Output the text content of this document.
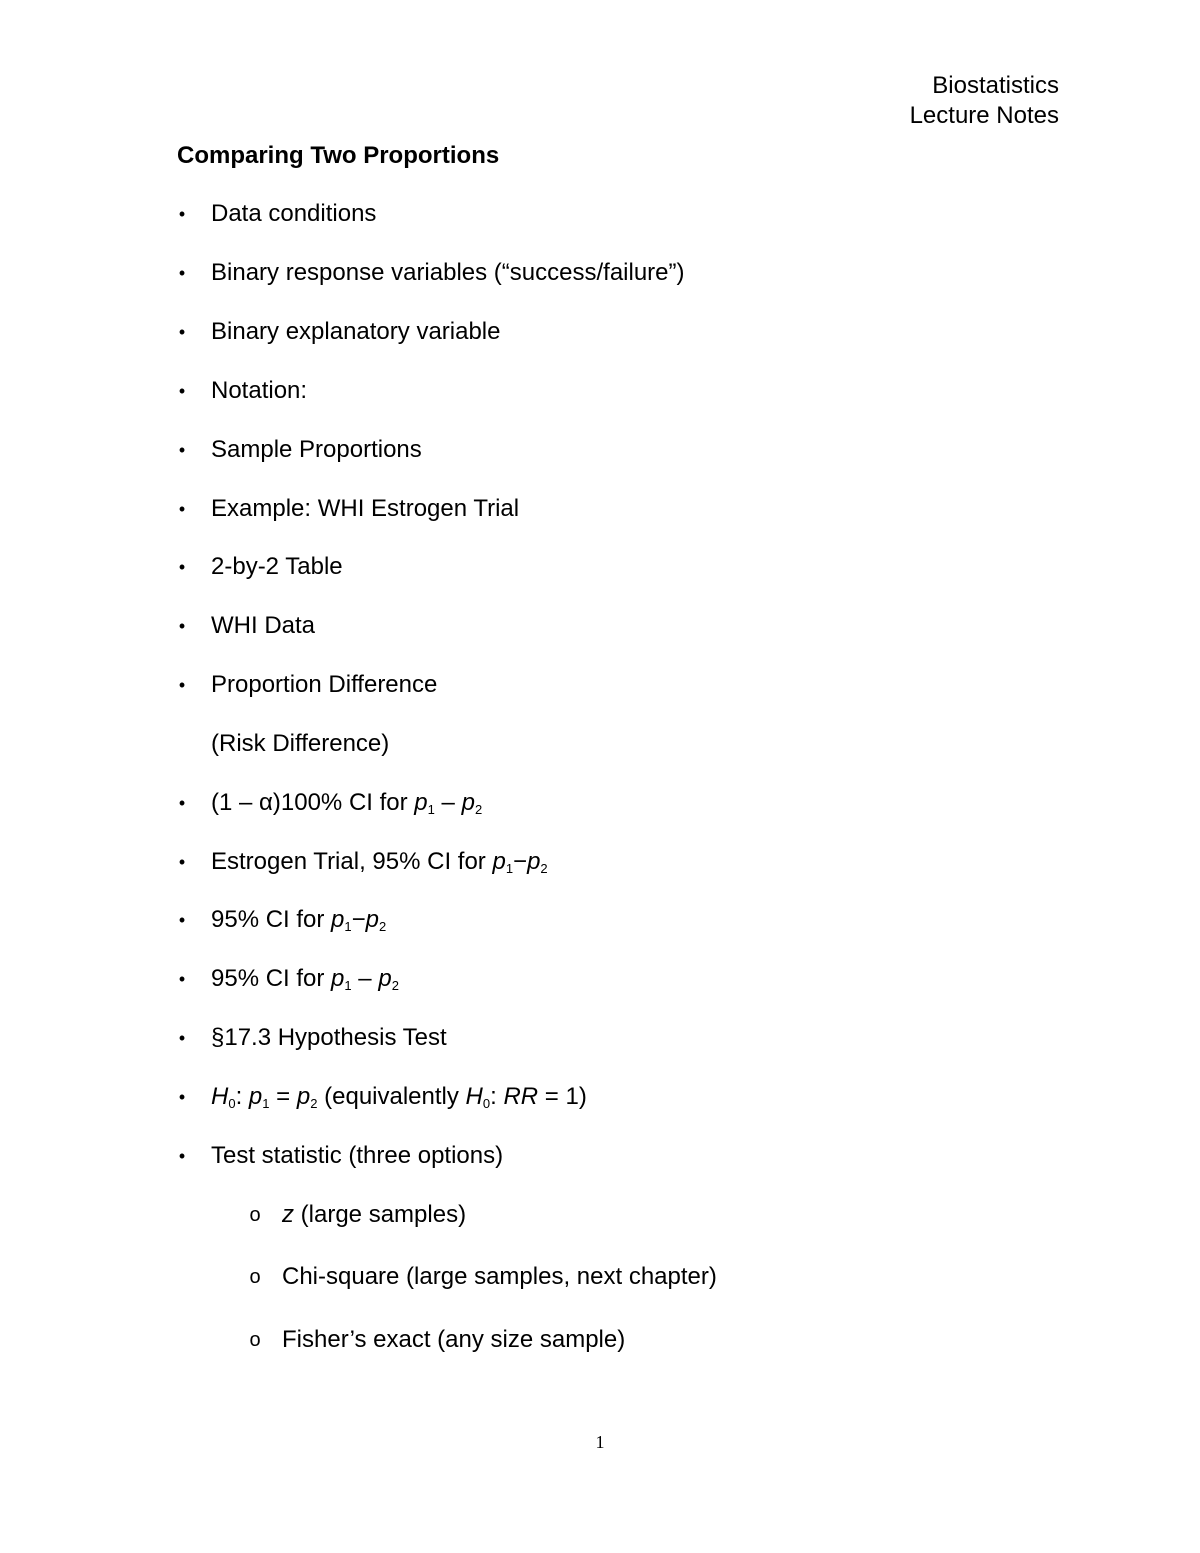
Biostatistics
Lecture Notes
Comparing Two Proportions
• Data conditions
• Binary response variables (“success/failure”)
• Binary explanatory variable
• Notation:
• Sample Proportions
• Example: WHI Estrogen Trial
• 2-by-2 Table
• WHI Data
• Proportion Difference
(Risk Difference)
• (1 – α)100% CI for $p_1 - p_2$
• Estrogen Trial, 95% CI for $p_1-p_2$
• 95% CI for $p_1-p_2$
• 95% CI for $p_1 - p_2$
• §17.3 Hypothesis Test
• $H_0$: $p_1 = p_2$ (equivalently $H_0$: RR = 1)
• Test statistic (three options)
o z (large samples)
o Chi-square (large samples, next chapter)
o Fisher’s exact (any size sample)
1
